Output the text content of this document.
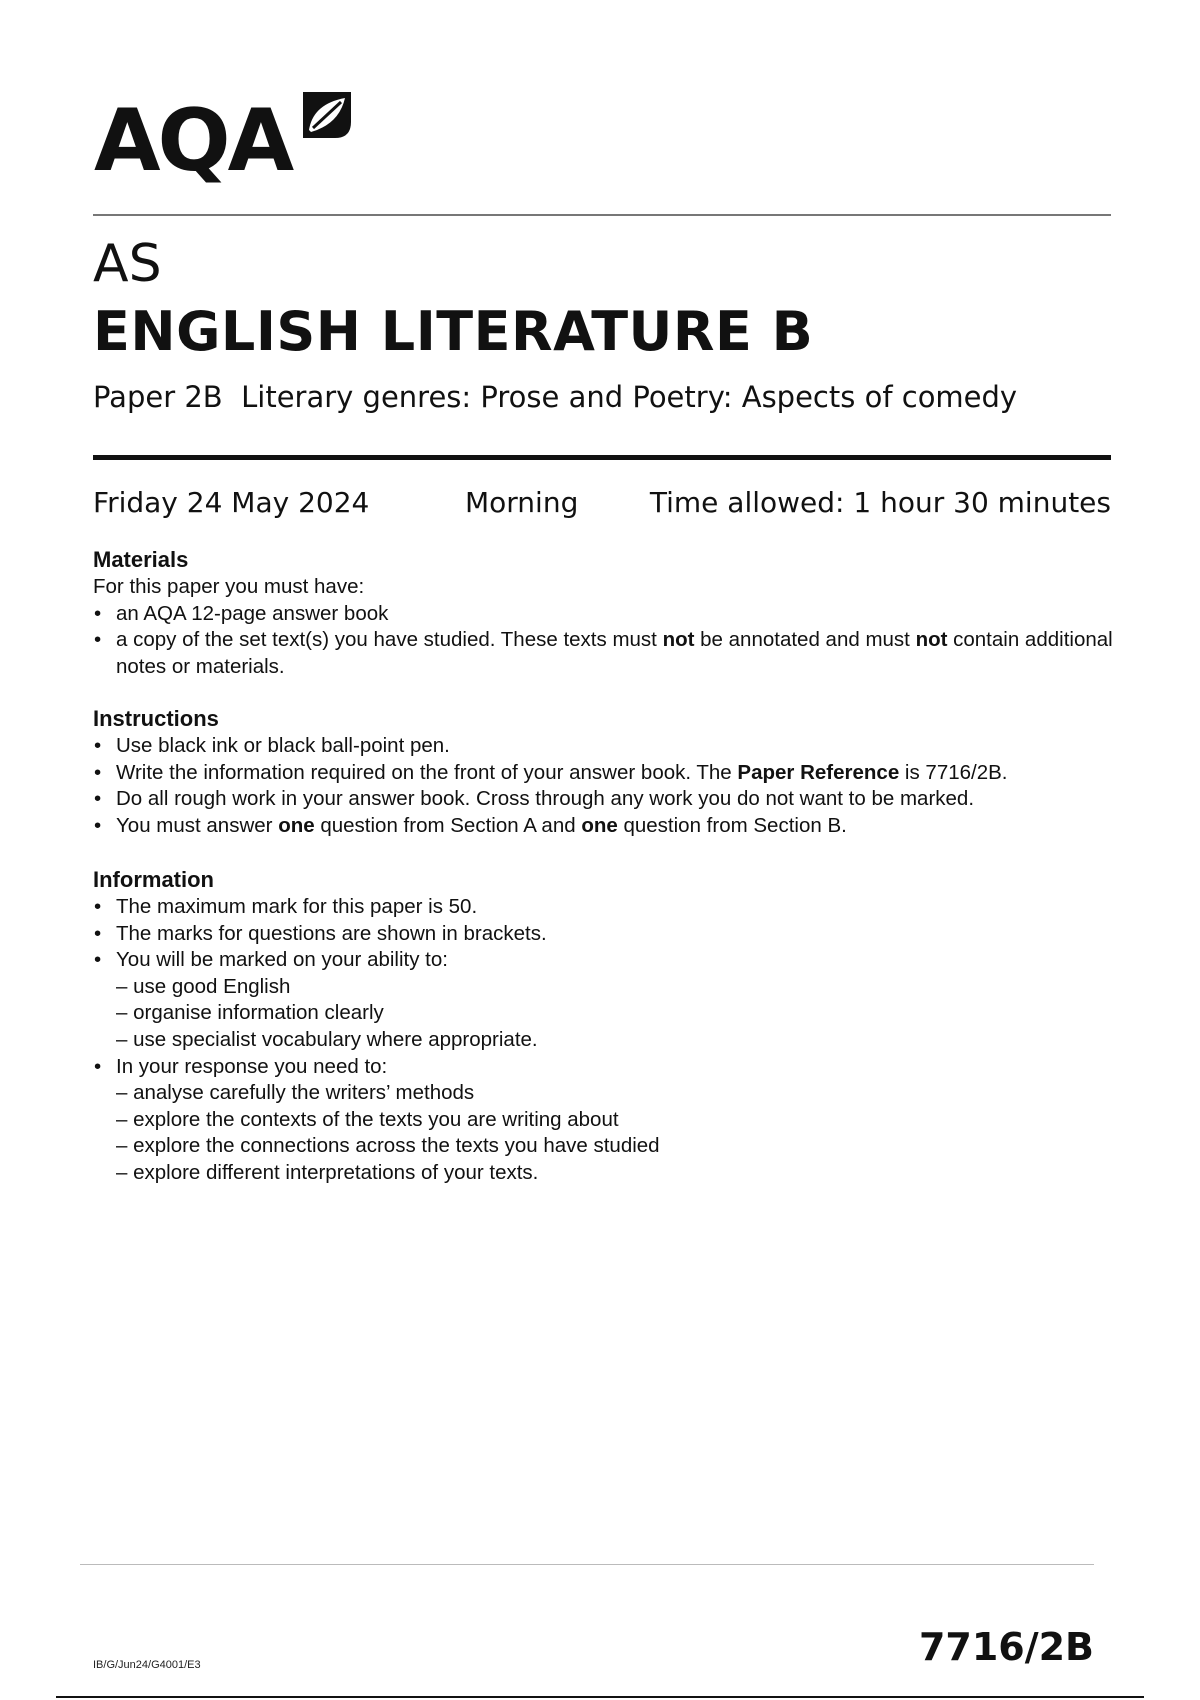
AQA
AS
ENGLISH LITERATURE B
Paper 2B  Literary genres: Prose and Poetry: Aspects of comedy
Friday 24 May 2024	Morning	Time allowed: 1 hour 30 minutes
Materials

For this paper you must have:

• an AQA 12-page answer book
• a copy of the set text(s) you have studied. These texts must not be annotated and must not contain additional notes or materials.
Instructions
• Use black ink or black ball-point pen.
• Write the information required on the front of your answer book. The Paper Reference is 7716/2B.
• Do all rough work in your answer book. Cross through any work you do not want to be marked.
• You must answer one question from Section A and one question from Section B.
Information
• The maximum mark for this paper is 50.
• The marks for questions are shown in brackets.
• You will be marked on your ability to:
– use good English
– organise information clearly
– use specialist vocabulary where appropriate.
• In your response you need to:
– analyse carefully the writers’ methods
– explore the contexts of the texts you are writing about
– explore the connections across the texts you have studied
– explore different interpretations of your texts.
IB/G/Jun24/G4001/E3	7716/2B
